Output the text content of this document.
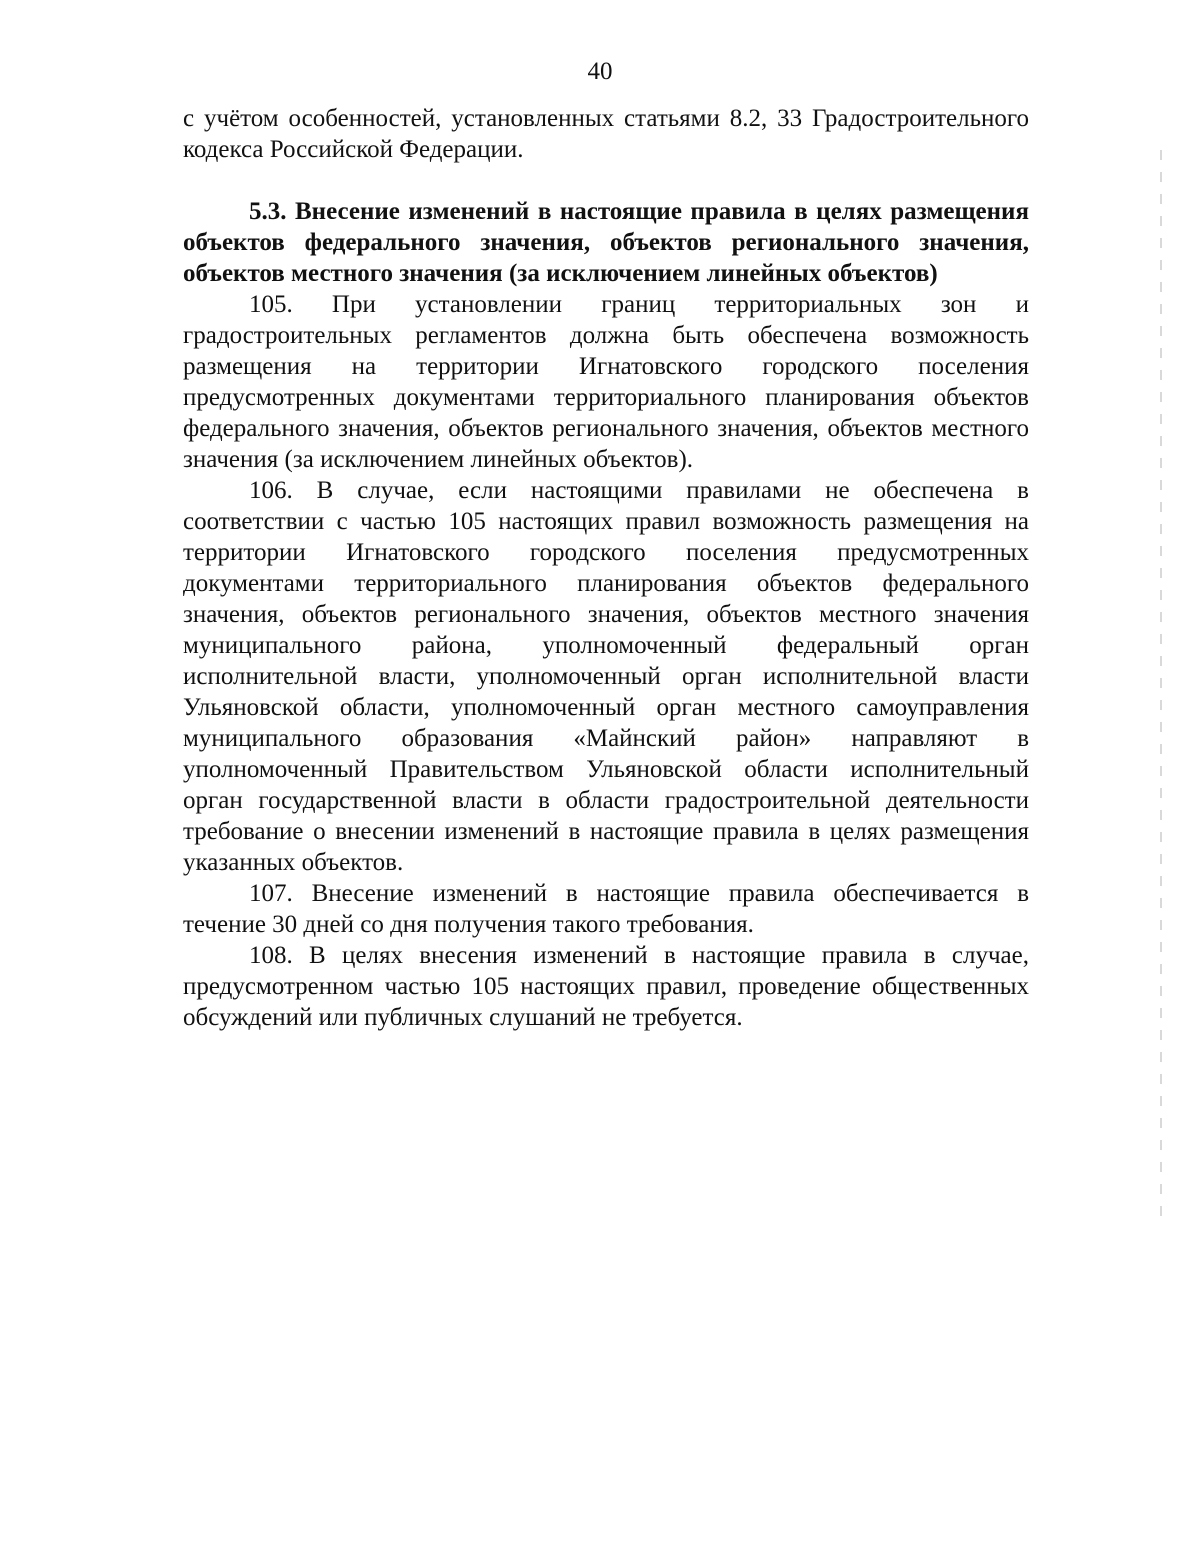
40

с учётом особенностей, установленных статьями 8.2, 33 Градостроительного кодекса Российской Федерации.

5.3. Внесение изменений в настоящие правила в целях размещения объектов федерального значения, объектов регионального значения, объектов местного значения (за исключением линейных объектов)

105. При установлении границ территориальных зон и градостроительных регламентов должна быть обеспечена возможность размещения на территории Игнатовского городского поселения предусмотренных документами территориального планирования объектов федерального значения, объектов регионального значения, объектов местного значения (за исключением линейных объектов).

106. В случае, если настоящими правилами не обеспечена в соответствии с частью 105 настоящих правил возможность размещения на территории Игнатовского городского поселения предусмотренных документами территориального планирования объектов федерального значения, объектов регионального значения, объектов местного значения муниципального района, уполномоченный федеральный орган исполнительной власти, уполномоченный орган исполнительной власти Ульяновской области, уполномоченный орган местного самоуправления муниципального образования «Майнский район» направляют в уполномоченный Правительством Ульяновской области исполнительный орган государственной власти в области градостроительной деятельности требование о внесении изменений в настоящие правила в целях размещения указанных объектов.

107. Внесение изменений в настоящие правила обеспечивается в течение 30 дней со дня получения такого требования.

108. В целях внесения изменений в настоящие правила в случае, предусмотренном частью 105 настоящих правил, проведение общественных обсуждений или публичных слушаний не требуется.
